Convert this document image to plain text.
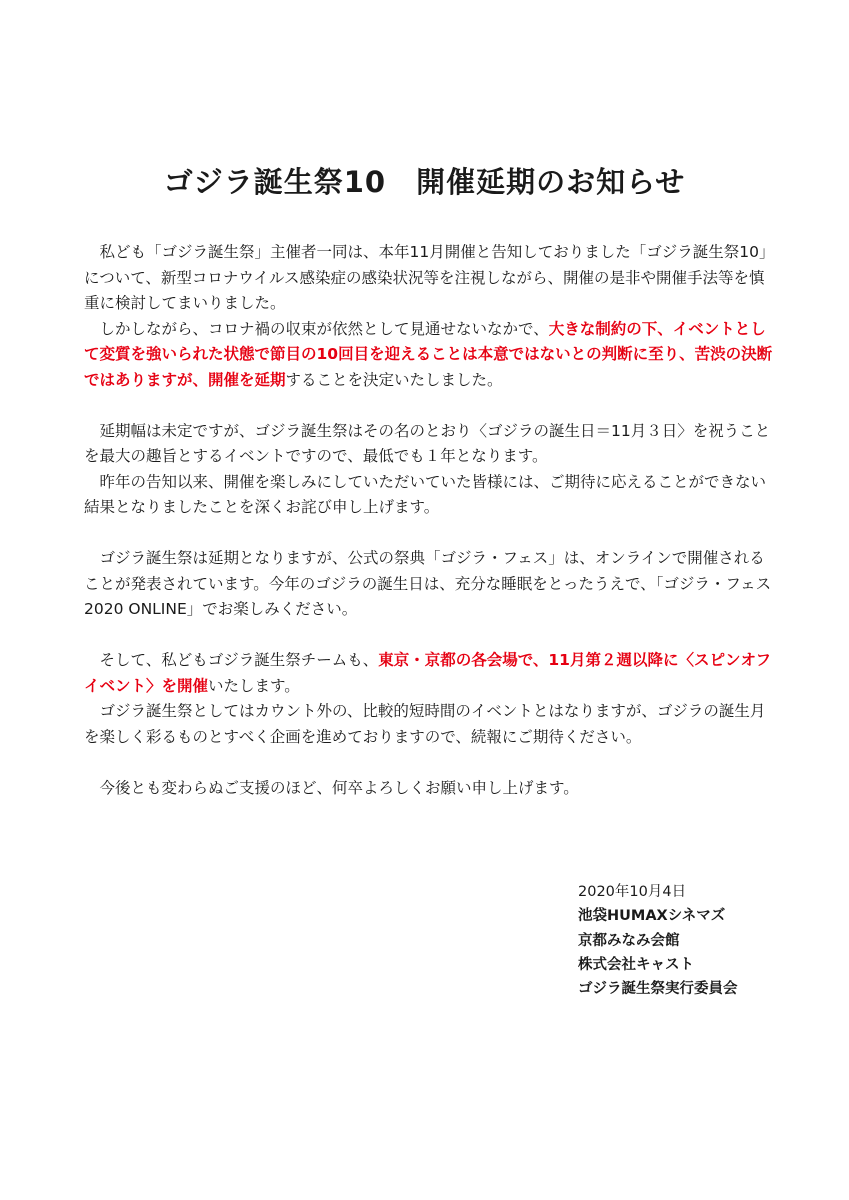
ゴジラ誕生祭10　開催延期のお知らせ

私ども「ゴジラ誕生祭」主催者一同は、本年11月開催と告知しておりました「ゴジラ誕生祭10」について、新型コロナウイルス感染症の感染状況等を注視しながら、開催の是非や開催手法等を慎重に検討してまいりました。

しかしながら、コロナ禍の収束が依然として見通せないなかで、大きな制約の下、イベントとして変質を強いられた状態で節目の10回目を迎えることは本意ではないとの判断に至り、苦渋の決断ではありますが、開催を延期することを決定いたしました。

延期幅は未定ですが、ゴジラ誕生祭はその名のとおり〈ゴジラの誕生日＝11月３日〉を祝うことを最大の趣旨とするイベントですので、最低でも１年となります。

昨年の告知以来、開催を楽しみにしていただいていた皆様には、ご期待に応えることができない結果となりましたことを深くお詫び申し上げます。

ゴジラ誕生祭は延期となりますが、公式の祭典「ゴジラ・フェス」は、オンラインで開催されることが発表されています。今年のゴジラの誕生日は、充分な睡眠をとったうえで、「ゴジラ・フェス2020 ONLINE」でお楽しみください。

そして、私どもゴジラ誕生祭チームも、東京・京都の各会場で、11月第２週以降に〈スピンオフイベント〉を開催いたします。

ゴジラ誕生祭としてはカウント外の、比較的短時間のイベントとはなりますが、ゴジラの誕生月を楽しく彩るものとすべく企画を進めておりますので、続報にご期待ください。

今後とも変わらぬご支援のほど、何卒よろしくお願い申し上げます。

2020年10月4日
池袋HUMAXシネマズ
京都みなみ会館
株式会社キャスト
ゴジラ誕生祭実行委員会
